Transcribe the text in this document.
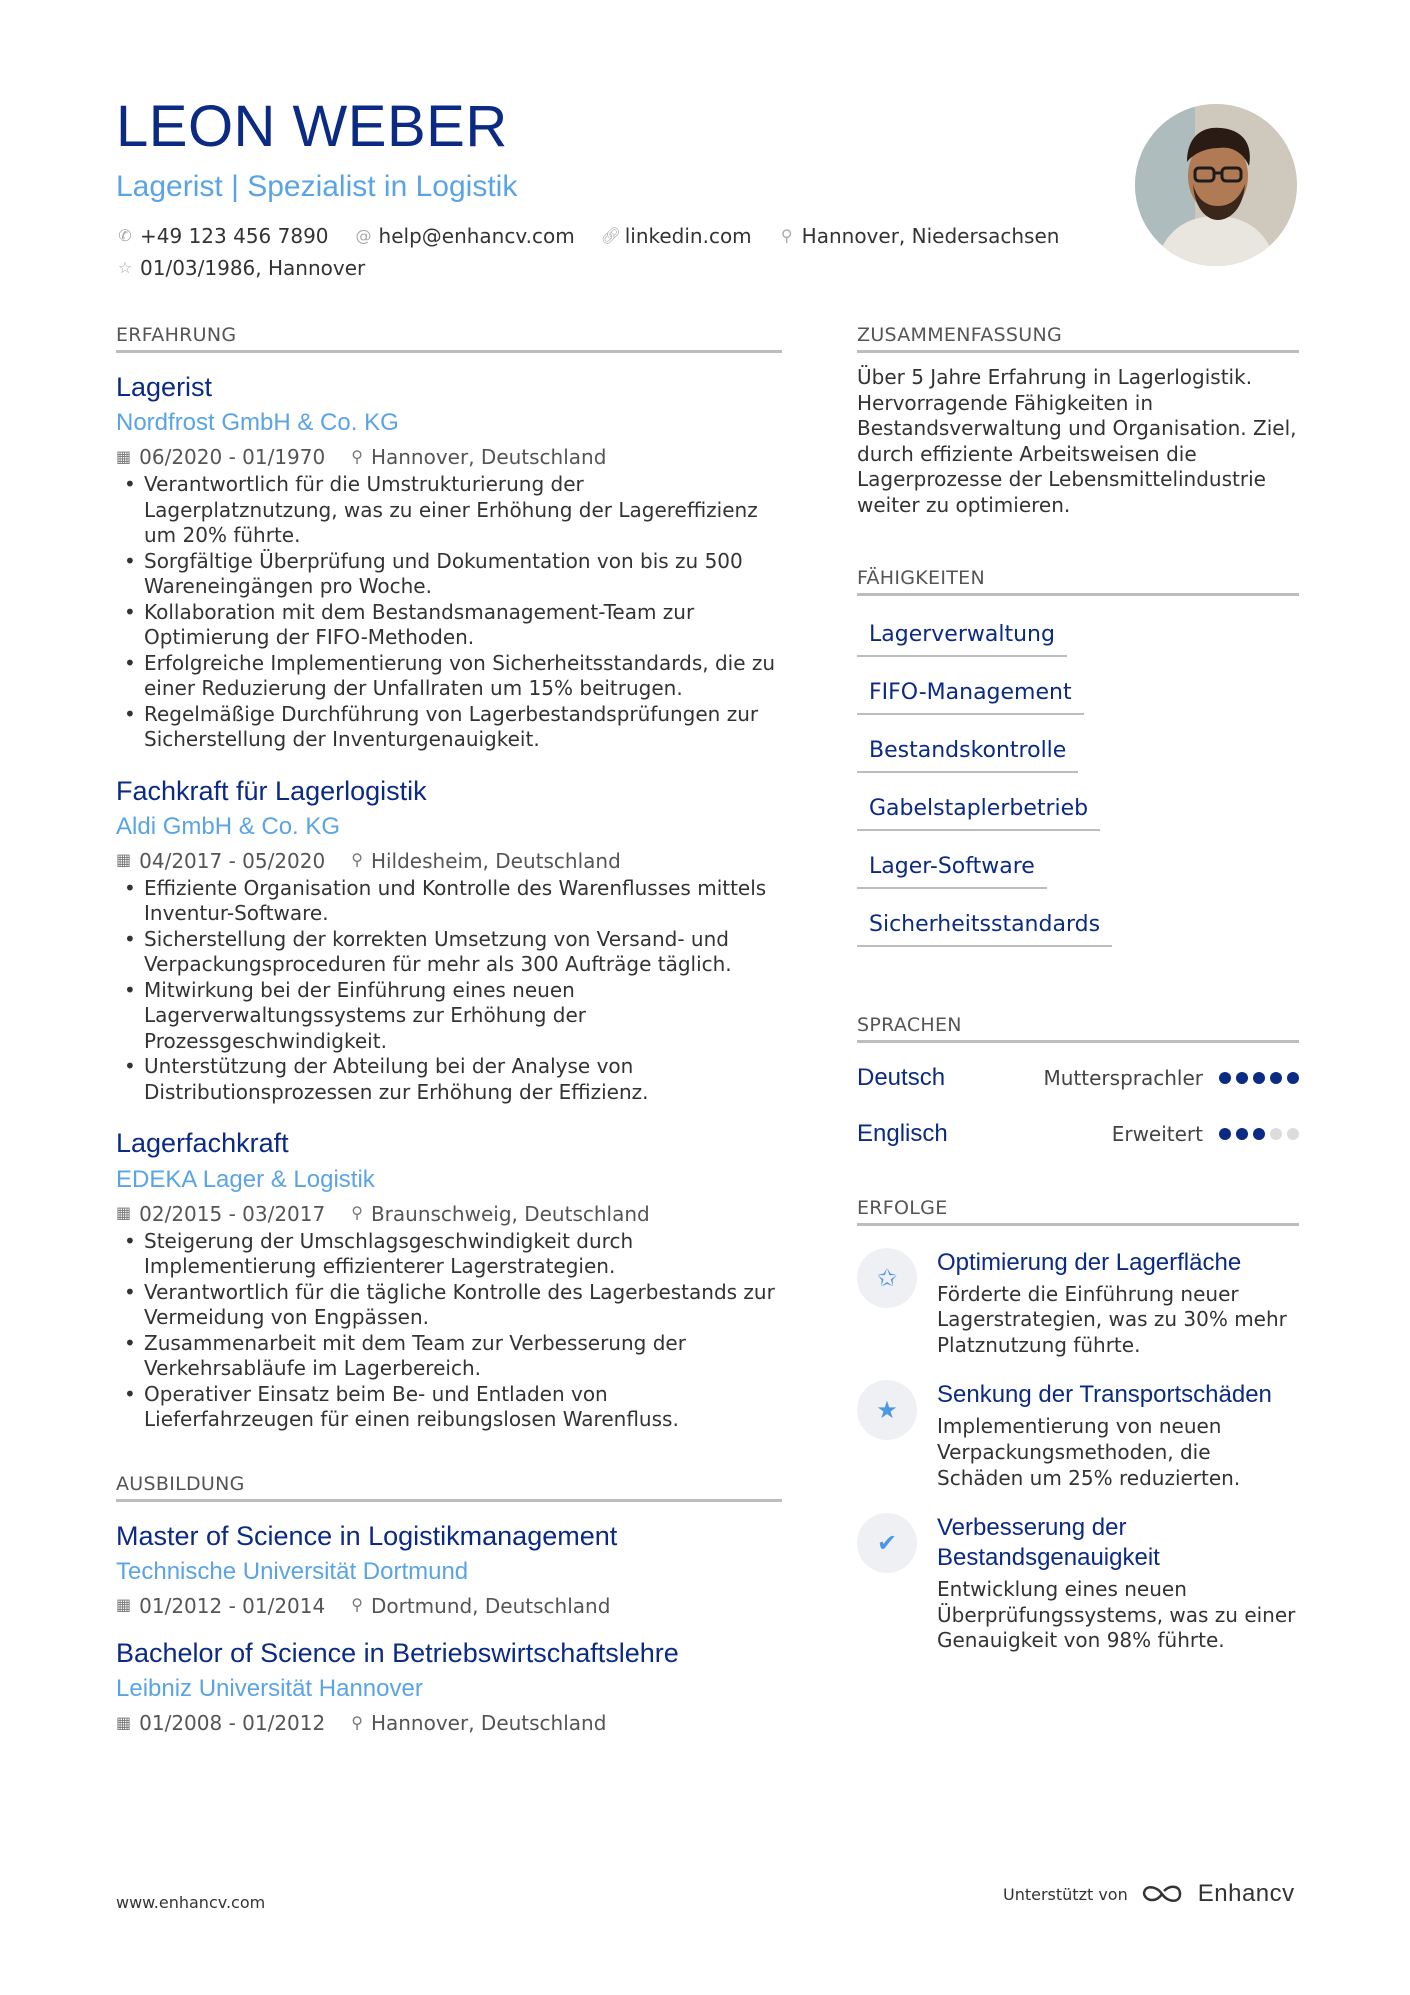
LEON WEBER
Lagerist | Spezialist in Logistik
✆ +49 123 456 7890 @ help@enhancv.com 🔗︎ linkedin.com ⚲ Hannover, Niedersachsen
☆ 01/03/1986, Hannover
ERFAHRUNG
Lagerist
Nordfrost GmbH & Co. KG
▦ 06/2020 - 01/1970 ⚲ Hannover, Deutschland
• Verantwortlich für die Umstrukturierung der Lagerplatznutzung, was zu einer Erhöhung der Lagereffizienz um 20% führte.
• Sorgfältige Überprüfung und Dokumentation von bis zu 500 Wareneingängen pro Woche.
• Kollaboration mit dem Bestandsmanagement-Team zur Optimierung der FIFO-Methoden.
• Erfolgreiche Implementierung von Sicherheitsstandards, die zu einer Reduzierung der Unfallraten um 15% beitrugen.
• Regelmäßige Durchführung von Lagerbestandsprüfungen zur Sicherstellung der Inventurgenauigkeit.
Fachkraft für Lagerlogistik
Aldi GmbH & Co. KG
▦ 04/2017 - 05/2020 ⚲ Hildesheim, Deutschland
• Effiziente Organisation und Kontrolle des Warenflusses mittels Inventur-Software.
• Sicherstellung der korrekten Umsetzung von Versand- und Verpackungsproceduren für mehr als 300 Aufträge täglich.
• Mitwirkung bei der Einführung eines neuen Lagerverwaltungssystems zur Erhöhung der Prozessgeschwindigkeit.
• Unterstützung der Abteilung bei der Analyse von Distributionsprozessen zur Erhöhung der Effizienz.
Lagerfachkraft
EDEKA Lager & Logistik
▦ 02/2015 - 03/2017 ⚲ Braunschweig, Deutschland
• Steigerung der Umschlagsgeschwindigkeit durch Implementierung effizienterer Lagerstrategien.
• Verantwortlich für die tägliche Kontrolle des Lagerbestands zur Vermeidung von Engpässen.
• Zusammenarbeit mit dem Team zur Verbesserung der Verkehrsabläufe im Lagerbereich.
• Operativer Einsatz beim Be- und Entladen von Lieferfahrzeugen für einen reibungslosen Warenfluss.
AUSBILDUNG
Master of Science in Logistikmanagement
Technische Universität Dortmund
▦ 01/2012 - 01/2014 ⚲ Dortmund, Deutschland
Bachelor of Science in Betriebswirtschaftslehre
Leibniz Universität Hannover
▦ 01/2008 - 01/2012 ⚲ Hannover, Deutschland
ZUSAMMENFASSUNG
Über 5 Jahre Erfahrung in Lagerlogistik. Hervorragende Fähigkeiten in Bestandsverwaltung und Organisation. Ziel, durch effiziente Arbeitsweisen die Lagerprozesse der Lebensmittelindustrie weiter zu optimieren.
FÄHIGKEITEN
Lagerverwaltung
FIFO-Management
Bestandskontrolle
Gabelstaplerbetrieb
Lager-Software
Sicherheitsstandards
SPRACHEN
Deutsch	Muttersprachler
Englisch	Erweitert
ERFOLGE
✩
Optimierung der Lagerfläche
Förderte die Einführung neuer Lagerstrategien, was zu 30% mehr Platznutzung führte.
★
Senkung der Transportschäden
Implementierung von neuen Verpackungsmethoden, die Schäden um 25% reduzierten.
✔
Verbesserung der Bestandsgenauigkeit
Entwicklung eines neuen Überprüfungssystems, was zu einer Genauigkeit von 98% führte.
www.enhancv.com	Unterstützt von	Enhancv
